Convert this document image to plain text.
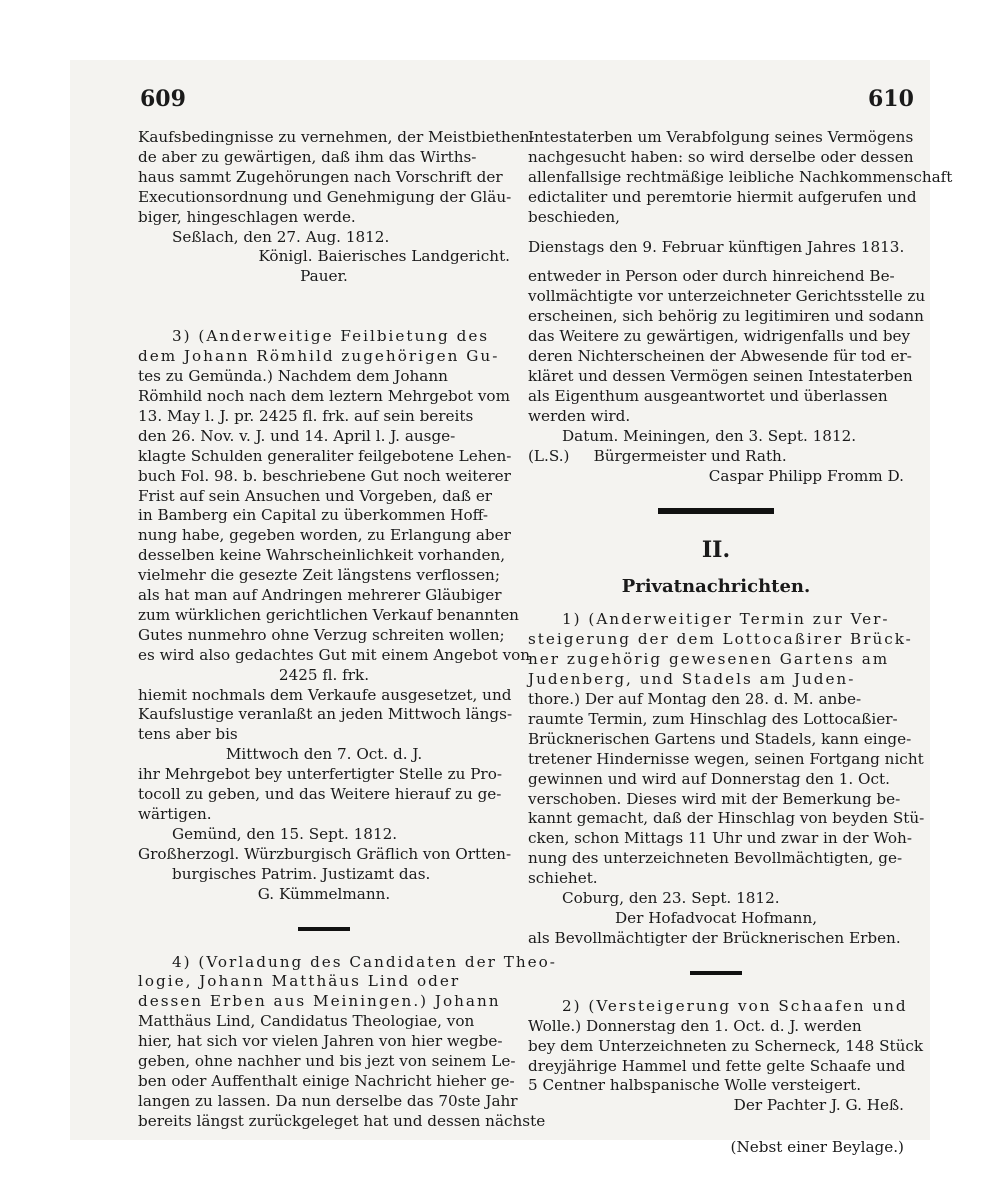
609	610

Kaufsbedingnisse zu vernehmen, der Meistbiethen-

de aber zu gewärtigen, daß ihm das Wirths-

haus sammt Zugehörungen nach Vorschrift der

Executionsordnung und Genehmigung der Gläu-

biger, hingeschlagen werde.

Seßlach, den 27. Aug. 1812.

Königl. Baierisches Landgericht.

Pauer.

3) (Anderweitige Feilbietung des

dem Johann Römhild zugehörigen Gu-

tes zu Gemünda.) Nachdem dem Johann

Römhild noch nach dem leztern Mehrgebot vom

13. May l. J. pr. 2425 fl. frk. auf sein bereits

den 26. Nov. v. J. und 14. April l. J. ausge-

klagte Schulden generaliter feilgebotene Lehen-

buch Fol. 98. b. beschriebene Gut noch weiterer

Frist auf sein Ansuchen und Vorgeben, daß er

in Bamberg ein Capital zu überkommen Hoff-

nung habe, gegeben worden, zu Erlangung aber

desselben keine Wahrscheinlichkeit vorhanden,

vielmehr die gesezte Zeit längstens verflossen;

als hat man auf Andringen mehrerer Gläubiger

zum würklichen gerichtlichen Verkauf benannten

Gutes nunmehro ohne Verzug schreiten wollen;

es wird also gedachtes Gut mit einem Angebot von

2425 fl. frk.

hiemit nochmals dem Verkaufe ausgesetzet, und

Kaufslustige veranlaßt an jeden Mittwoch längs-

tens aber bis

Mittwoch den 7. Oct. d. J.

ihr Mehrgebot bey unterfertigter Stelle zu Pro-

tocoll zu geben, und das Weitere hierauf zu ge-

wärtigen.

Gemünd, den 15. Sept. 1812.

Großherzogl. Würzburgisch Gräflich von Ortten-

burgisches Patrim. Justizamt das.

G. Kümmelmann.

4) (Vorladung des Candidaten der Theo-

logie, Johann Matthäus Lind oder

dessen Erben aus Meiningen.) Johann

Matthäus Lind, Candidatus Theologiae, von

hier, hat sich vor vielen Jahren von hier wegbe-

geben, ohne nachher und bis jezt von seinem Le-

ben oder Auffenthalt einige Nachricht hieher ge-

langen zu lassen. Da nun derselbe das 70ste Jahr

bereits längst zurückgeleget hat und dessen nächste

Intestaterben um Verabfolgung seines Vermögens

nachgesucht haben: so wird derselbe oder dessen

allenfallsige rechtmäßige leibliche Nachkommenschaft

edictaliter und peremtorie hiermit aufgerufen und

beschieden,

Dienstags den 9. Februar künftigen Jahres 1813.

entweder in Person oder durch hinreichend Be-

vollmächtigte vor unterzeichneter Gerichtsstelle zu

erscheinen, sich behörig zu legitimiren und sodann

das Weitere zu gewärtigen, widrigenfalls und bey

deren Nichterscheinen der Abwesende für tod er-

kläret und dessen Vermögen seinen Intestaterben

als Eigenthum ausgeantwortet und überlassen

werden wird.

Datum. Meiningen, den 3. Sept. 1812.

(L.S.) Bürgermeister und Rath.

Caspar Philipp Fromm D.

II.

Privatnachrichten.

1) (Anderweitiger Termin zur Ver-

steigerung der dem Lottocaßirer Brück-

ner zugehörig gewesenen Gartens am

Judenberg, und Stadels am Juden-

thore.) Der auf Montag den 28. d. M. anbe-

raumte Termin, zum Hinschlag des Lottocaßier-

Brücknerischen Gartens und Stadels, kann einge-

tretener Hindernisse wegen, seinen Fortgang nicht

gewinnen und wird auf Donnerstag den 1. Oct.

verschoben. Dieses wird mit der Bemerkung be-

kannt gemacht, daß der Hinschlag von beyden Stü-

cken, schon Mittags 11 Uhr und zwar in der Woh-

nung des unterzeichneten Bevollmächtigten, ge-

schiehet.

Coburg, den 23. Sept. 1812.

Der Hofadvocat Hofmann,

als Bevollmächtigter der Brücknerischen Erben.

2) (Versteigerung von Schaafen und

Wolle.) Donnerstag den 1. Oct. d. J. werden

bey dem Unterzeichneten zu Scherneck, 148 Stück

dreyjährige Hammel und fette gelte Schaafe und

5 Centner halbspanische Wolle versteigert.

Der Pachter J. G. Heß.

(Nebst einer Beylage.)
